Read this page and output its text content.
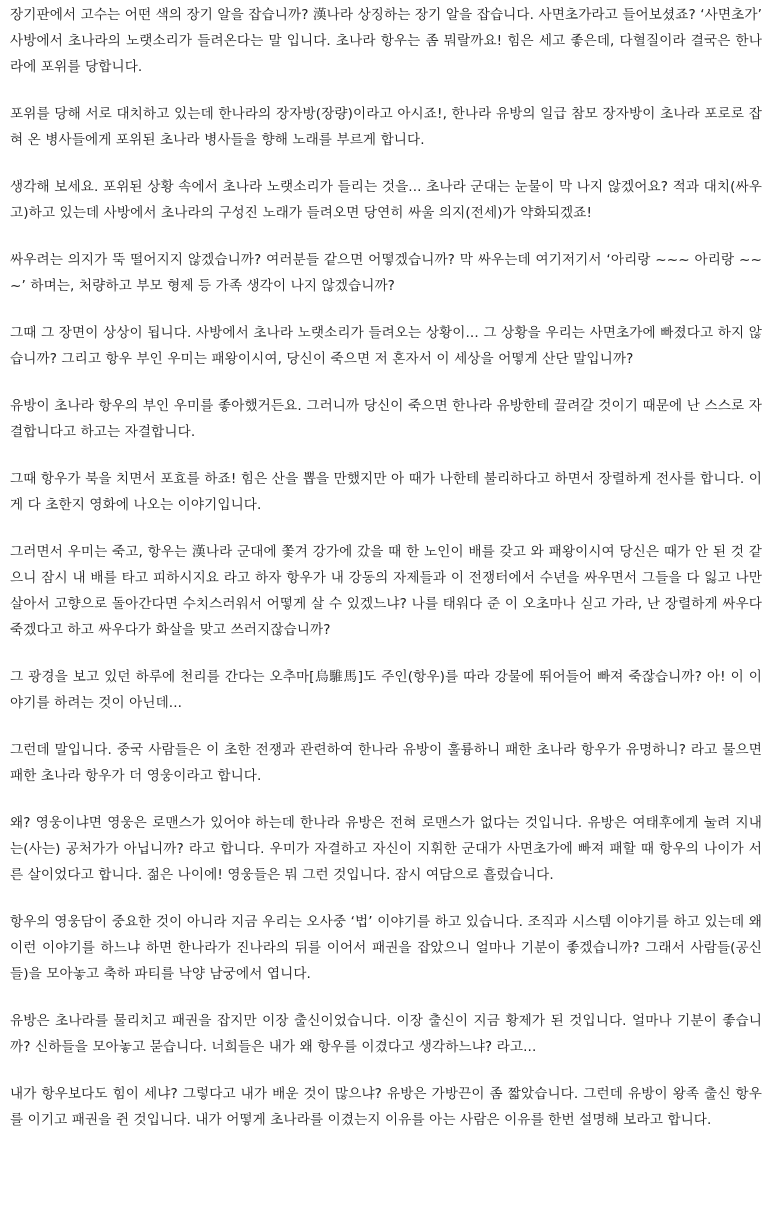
장기판에서 고수는 어떤 색의 장기 알을 잡습니까? 漢나라 상징하는 장기 알을 잡습니다. 사면초가라고 들어보셨죠? ‘사면초가’ 사방에서 초나라의 노랫소리가 들려온다는 말 입니다. 초나라 항우는 좀 뭐랄까요! 힘은 세고 좋은데, 다혈질이라 결국은 한나라에 포위를 당합니다.

포위를 당해 서로 대치하고 있는데 한나라의 장자방(장량)이라고 아시죠!, 한나라 유방의 일급 참모 장자방이 초나라 포로로 잡혀 온 병사들에게 포위된 초나라 병사들을 향해 노래를 부르게 합니다.

생각해 보세요. 포위된 상황 속에서 초나라 노랫소리가 들리는 것을... 초나라 군대는 눈물이 막 나지 않겠어요? 적과 대치(싸우고)하고 있는데 사방에서 초나라의 구성진 노래가 들려오면 당연히 싸울 의지(전세)가 약화되겠죠!

싸우려는 의지가 뚝 떨어지지 않겠습니까? 여러분들 같으면 어떻겠습니까? 막 싸우는데 여기저기서 ‘아리랑 ~~~ 아리랑 ~~~’ 하며는, 처량하고 부모 형제 등 가족 생각이 나지 않겠습니까?

그때 그 장면이 상상이 됩니다. 사방에서 초나라 노랫소리가 들려오는 상황이... 그 상황을 우리는 사면초가에 빠졌다고 하지 않습니까? 그리고 항우 부인 우미는 패왕이시여, 당신이 죽으면 저 혼자서 이 세상을 어떻게 산단 말입니까?

유방이 초나라 항우의 부인 우미를 좋아했거든요. 그러니까 당신이 죽으면 한나라 유방한테 끌려갈 것이기 때문에 난 스스로 자결합니다고 하고는 자결합니다.

그때 항우가 북을 치면서 포효를 하죠! 힘은 산을 뽑을 만했지만 아 때가 나한테 불리하다고 하면서 장렬하게 전사를 합니다. 이게 다 초한지 영화에 나오는 이야기입니다.

그러면서 우미는 죽고, 항우는 漢나라 군대에 쫓겨 강가에 갔을 때 한 노인이 배를 갖고 와 패왕이시여 당신은 때가 안 된 것 같으니 잠시 내 배를 타고 피하시지요 라고 하자 항우가 내 강동의 자제들과 이 전쟁터에서 수년을 싸우면서 그들을 다 잃고 나만 살아서 고향으로 돌아간다면 수치스러워서 어떻게 살 수 있겠느냐? 나를 태워다 준 이 오초마나 싣고 가라, 난 장렬하게 싸우다 죽겠다고 하고 싸우다가 화살을 맞고 쓰러지잖습니까?

그 광경을 보고 있던 하루에 천리를 간다는 오추마[烏騅馬]도 주인(항우)를 따라 강물에 뛰어들어 빠져 죽잖습니까? 아! 이 이야기를 하려는 것이 아닌데...

그런데 말입니다. 중국 사람들은 이 초한 전쟁과 관련하여 한나라 유방이 훌륭하니 패한 초나라 항우가 유명하니? 라고 물으면 패한 초나라 항우가 더 영웅이라고 합니다.

왜? 영웅이냐면 영웅은 로맨스가 있어야 하는데 한나라 유방은 전혀 로맨스가 없다는 것입니다. 유방은 여태후에게 눌려 지내는(사는) 공처가가 아닙니까? 라고 합니다. 우미가 자결하고 자신이 지휘한 군대가 사면초가에 빠져 패할 때 항우의 나이가 서른 살이었다고 합니다. 젊은 나이에! 영웅들은 뭐 그런 것입니다. 잠시 여담으로 흘렀습니다.

항우의 영웅담이 중요한 것이 아니라 지금 우리는 오사중 ‘법’ 이야기를 하고 있습니다. 조직과 시스템 이야기를 하고 있는데 왜 이런 이야기를 하느냐 하면 한나라가 진나라의 뒤를 이어서 패권을 잡았으니 얼마나 기분이 좋겠습니까? 그래서 사람들(공신들)을 모아놓고 축하 파티를 낙양 남궁에서 엽니다.

유방은 초나라를 물리치고 패권을 잡지만 이장 출신이었습니다. 이장 출신이 지금 황제가 된 것입니다. 얼마나 기분이 좋습니까? 신하들을 모아놓고 묻습니다. 너희들은 내가 왜 항우를 이겼다고 생각하느냐? 라고...

내가 항우보다도 힘이 세냐? 그렇다고 내가 배운 것이 많으냐? 유방은 가방끈이 좀 짧았습니다. 그런데 유방이 왕족 출신 항우를 이기고 패권을 쥔 것입니다. 내가 어떻게 초나라를 이겼는지 이유를 아는 사람은 이유를 한번 설명해 보라고 합니다.
